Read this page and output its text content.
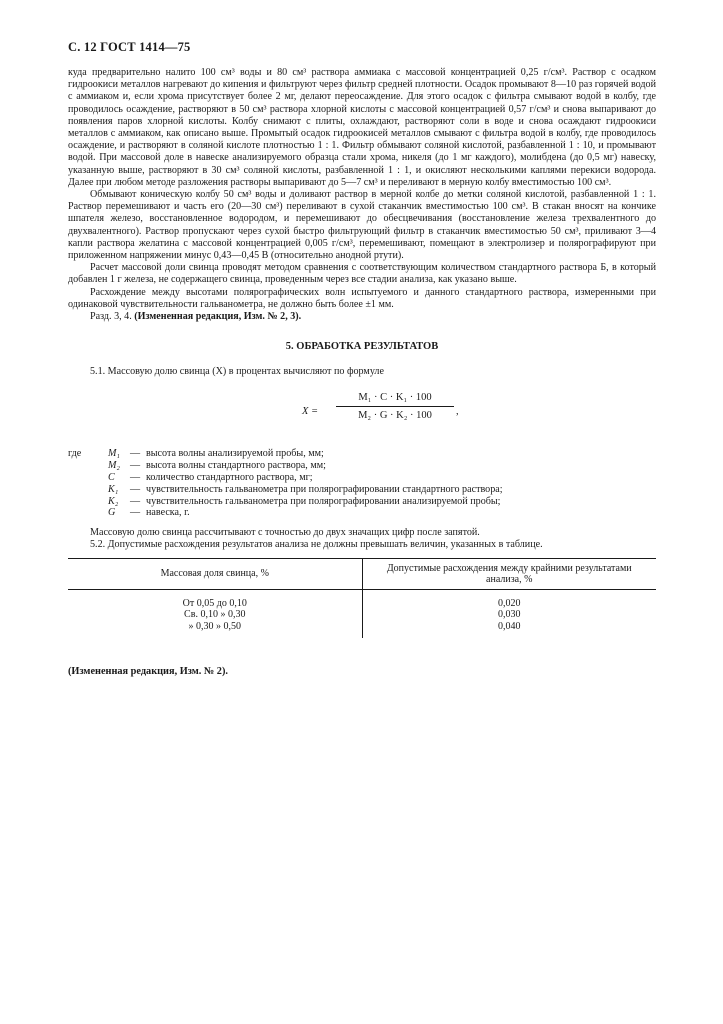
С. 12 ГОСТ 1414—75

куда предварительно налито 100 см³ воды и 80 см³ раствора аммиака с массовой концентрацией 0,25 г/см³. Раствор с осадком гидроокиси металлов нагревают до кипения и фильтруют через фильтр средней плотности. Осадок промывают 8—10 раз горячей водой с аммиаком и, если хрома присутствует более 2 мг, делают переосаждение. Для этого осадок с фильтра смывают водой в колбу, где проводилось осаждение, растворяют в 50 см³ раствора хлорной кислоты с массовой концентрацией 0,57 г/см³ и снова выпаривают до появления паров хлорной кислоты. Колбу снимают с плиты, охлаждают, растворяют соли в воде и снова осаждают гидроокиси металлов с аммиаком, как описано выше. Промытый осадок гидроокисей металлов смывают с фильтра водой в колбу, где проводилось осаждение, и растворяют в соляной кислоте плотностью 1 : 1. Фильтр обмывают соляной кислотой, разбавленной 1 : 10, и промывают водой. При массовой доле в навеске анализируемого образца стали хрома, никеля (до 1 мг каждого), молибдена (до 0,5 мг) навеску, указанную выше, растворяют в 30 см³ соляной кислоты, разбавленной 1 : 1, и окисляют несколькими каплями перекиси водорода. Далее при любом методе разложения растворы выпаривают до 5—7 см³ и переливают в мерную колбу вместимостью 100 см³.

Обмывают коническую колбу 50 см³ воды и доливают раствор в мерной колбе до метки соляной кислотой, разбавленной 1 : 1. Раствор перемешивают и часть его (20—30 см³) переливают в сухой стаканчик вместимостью 100 см³. В стакан вносят на кончике шпателя железо, восстановленное водородом, и перемешивают до обесцвечивания (восстановление железа трехвалентного до двухвалентного). Раствор пропускают через сухой быстро фильтрующий фильтр в стаканчик вместимостью 50 см³, приливают 3—4 капли раствора желатина с массовой концентрацией 0,005 г/см³, перемешивают, помещают в электролизер и полярографируют при приложенном напряжении минус 0,43—0,45 В (относительно анодной ртути).

Расчет массовой доли свинца проводят методом сравнения с соответствующим количеством стандартного раствора Б, в который добавлен 1 г железа, не содержащего свинца, проведенным через все стадии анализа, как указано выше.

Расхождение между высотами полярографических волн испытуемого и данного стандартного раствора, измеренными при одинаковой чувствительности гальванометра, не должно быть более ±1 мм.

Разд. 3, 4. (Измененная редакция, Изм. № 2, 3).

5. ОБРАБОТКА РЕЗУЛЬТАТОВ

5.1. Массовую долю свинца (X) в процентах вычисляют по формуле

X =
M₁ · C · K₁ · 100
M₂ · G · K₂ · 100	,
где	M₁ — высота волны анализируемой пробы, мм;
M₂ — высота волны стандартного раствора, мм;
C	— количество стандартного раствора, мг;
K₁	— чувствительность гальванометра при полярографировании стандартного раствора;
K₂	— чувствительность гальванометра при полярографировании анализируемой пробы;
G	— навеска, г.

Массовую долю свинца рассчитывают с точностью до двух значащих цифр после запятой.

5.2. Допустимые расхождения результатов анализа не должны превышать величин, указанных в таблице.

Массовая доля свинца, %	Допустимые расхождения между крайними результатами анализа, %
От 0,05 до 0,10	0,020
Св. 0,10 » 0,30	0,030
» 0,30 » 0,50	0,040
(Измененная редакция, Изм. № 2).
